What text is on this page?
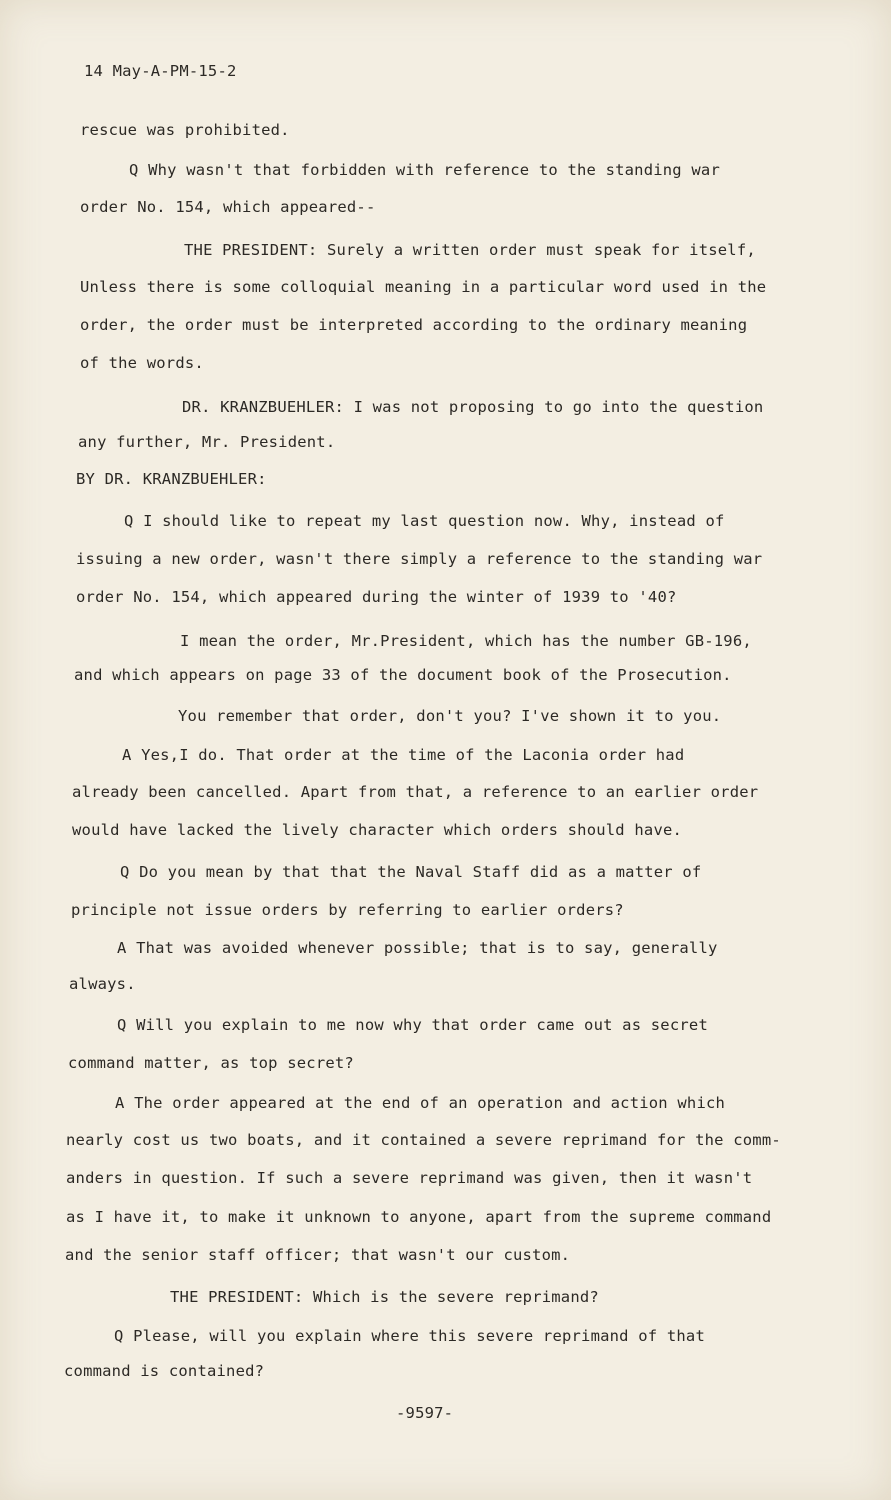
14 May-A-PM-15-2
rescue was prohibited.
Q Why wasn't that forbidden with reference to the standing war
order No. 154, which appeared--
THE PRESIDENT: Surely a written order must speak for itself,
Unless there is some colloquial meaning in a particular word used in the
order, the order must be interpreted according to the ordinary meaning
of the words.
DR. KRANZBUEHLER: I was not proposing to go into the question
any further, Mr. President.
BY DR. KRANZBUEHLER:
Q I should like to repeat my last question now. Why, instead of
issuing a new order, wasn't there simply a reference to the standing war
order No. 154, which appeared during the winter of 1939 to '40?
I mean the order, Mr.President, which has the number GB-196,
and which appears on page 33 of the document book of the Prosecution.
You remember that order, don't you? I've shown it to you.
A Yes,I do. That order at the time of the Laconia order had
already been cancelled. Apart from that, a reference to an earlier order
would have lacked the lively character which orders should have.
Q Do you mean by that that the Naval Staff did as a matter of
principle not issue orders by referring to earlier orders?
A That was avoided whenever possible; that is to say, generally
always.
Q Will you explain to me now why that order came out as secret
command matter, as top secret?
A The order appeared at the end of an operation and action which
nearly cost us two boats, and it contained a severe reprimand for the comm-
anders in question. If such a severe reprimand was given, then it wasn't
as I have it, to make it unknown to anyone, apart from the supreme command
and the senior staff officer; that wasn't our custom.
THE PRESIDENT: Which is the severe reprimand?
Q Please, will you explain where this severe reprimand of that
command is contained?
-9597-
